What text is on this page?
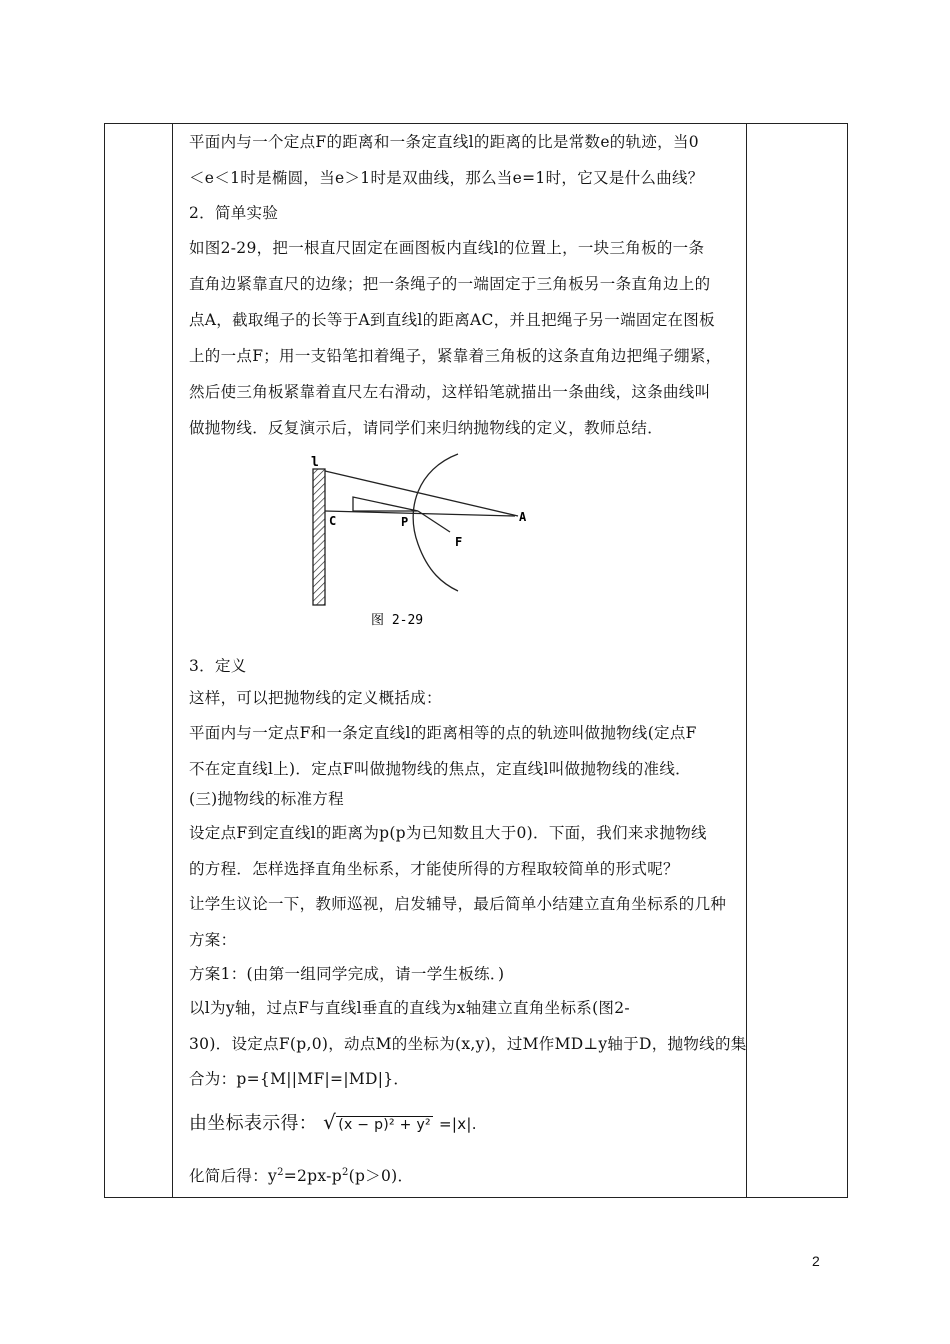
平面内与一个定点F的距离和一条定直线l的距离的比是常数e的轨迹，当0
＜e＜1时是椭圆，当e＞1时是双曲线，那么当e=1时，它又是什么曲线？
2．简单实验
如图2-29，把一根直尺固定在画图板内直线l的位置上，一块三角板的一条
直角边紧靠直尺的边缘；把一条绳子的一端固定于三角板另一条直角边上的
点A，截取绳子的长等于A到直线l的距离AC，并且把绳子另一端固定在图板
上的一点F；用一支铅笔扣着绳子，紧靠着三角板的这条直角边把绳子绷紧，
然后使三角板紧靠着直尺左右滑动，这样铅笔就描出一条曲线，这条曲线叫
做抛物线．反复演示后，请同学们来归纳抛物线的定义，教师总结．
l
C	P	A
F
图 2-29
3．定义
这样，可以把抛物线的定义概括成：
平面内与一定点F和一条定直线l的距离相等的点的轨迹叫做抛物线(定点F
不在定直线l上)．定点F叫做抛物线的焦点，定直线l叫做抛物线的准线．
(三)抛物线的标准方程
设定点F到定直线l的距离为p(p为已知数且大于0)．下面，我们来求抛物线
的方程．怎样选择直角坐标系，才能使所得的方程取较简单的形式呢？
让学生议论一下，教师巡视，启发辅导，最后简单小结建立直角坐标系的几种
方案：
方案1：(由第一组同学完成，请一学生板练．)
以l为y轴，过点F与直线l垂直的直线为x轴建立直角坐标系(图2-
30)．设定点F(p,0)，动点M的坐标为(x,y)，过M作MD⊥y轴于D，抛物线的集
合为：p={M||MF|=|MD|}．
由坐标表示得： √ (x − p)² + y² =|x|.
化简后得：$y^2=2px-p^2(p>0)$．
2
